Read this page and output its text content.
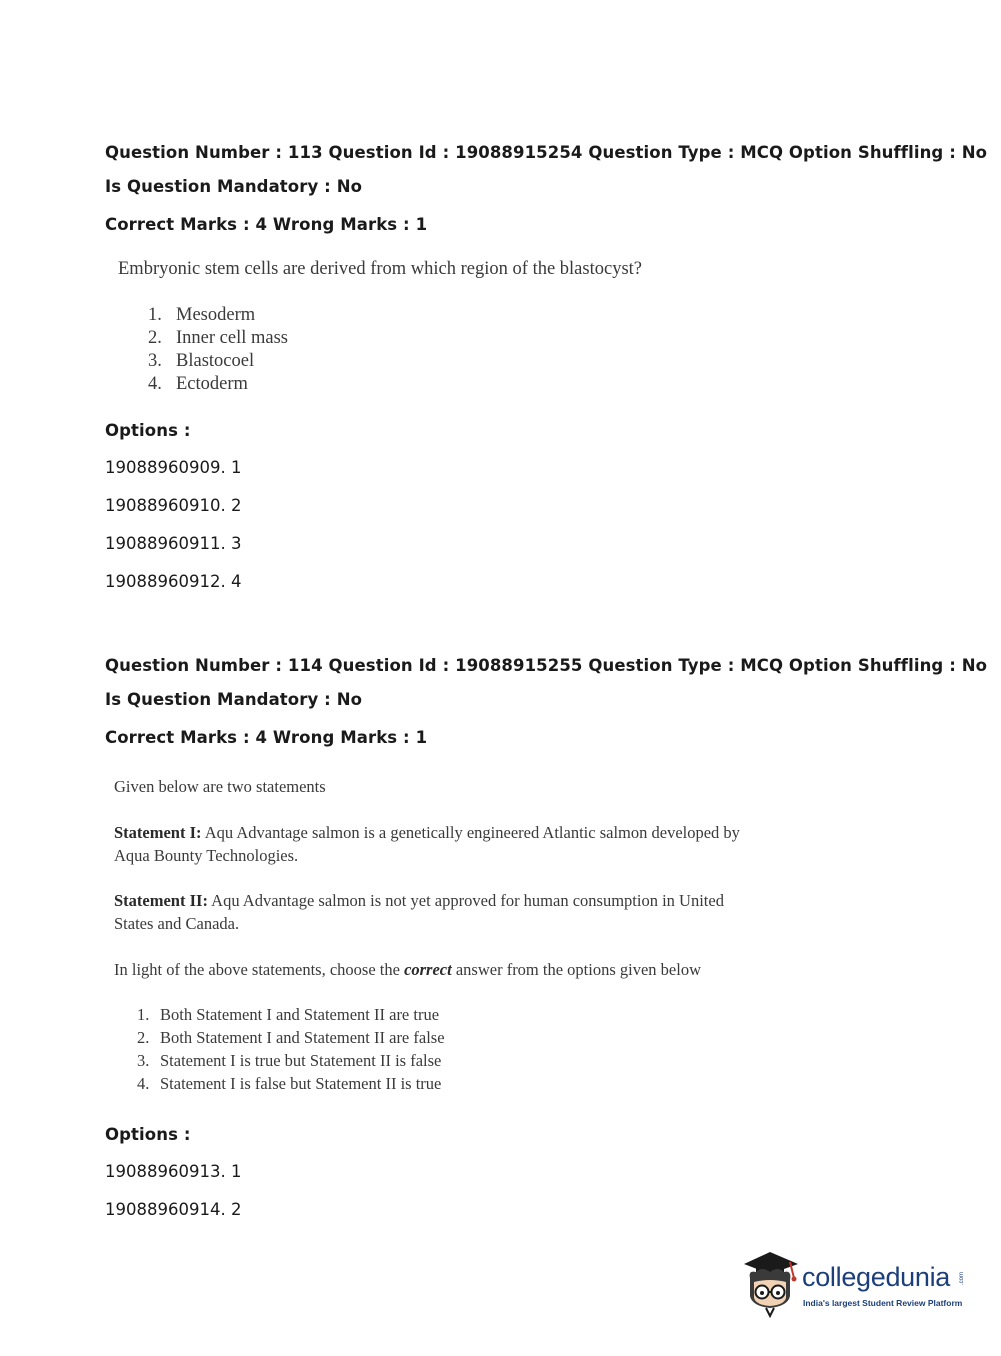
Question Number : 113 Question Id : 19088915254 Question Type : MCQ Option Shuffling : No
Is Question Mandatory : No
Correct Marks : 4 Wrong Marks : 1
Embryonic stem cells are derived from which region of the blastocyst?
1. Mesoderm
2. Inner cell mass
3. Blastocoel
4. Ectoderm
Options :
19088960909. 1
19088960910. 2
19088960911. 3
19088960912. 4
Question Number : 114 Question Id : 19088915255 Question Type : MCQ Option Shuffling : No
Is Question Mandatory : No
Correct Marks : 4 Wrong Marks : 1
Given below are two statements
Statement I: Aqu Advantage salmon is a genetically engineered Atlantic salmon developed by
Aqua Bounty Technologies.
Statement II: Aqu Advantage salmon is not yet approved for human consumption in United
States and Canada.
In light of the above statements, choose the correct answer from the options given below
1. Both Statement I and Statement II are true
2. Both Statement I and Statement II are false
3. Statement I is true but Statement II is false
4. Statement I is false but Statement II is true
Options :
19088960913. 1
19088960914. 2
collegedunia .com
India's largest Student Review Platform
